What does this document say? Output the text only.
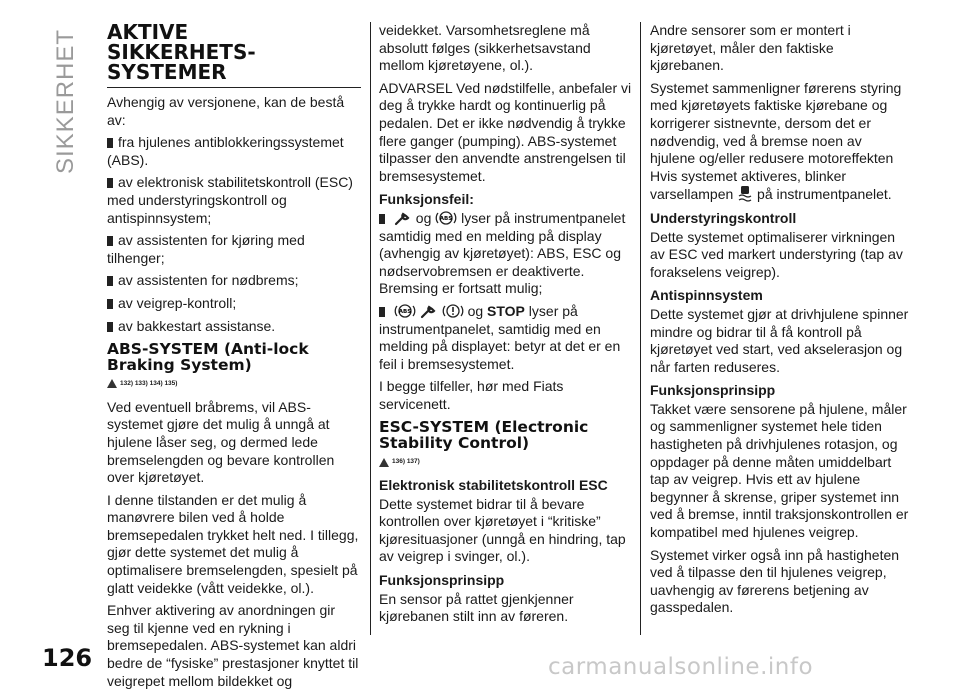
SIKKERHET AKTIVE
SIKKERHETS-
SYSTEMER

Avhengig av versjonene, kan de bestå av:

fra hjulenes antiblokkeringssystemet (ABS).

av elektronisk stabilitetskontroll (ESC) med understyringskontroll og antispinnsystem;

av assistenten for kjøring med tilhenger;

av assistenten for nødbrems;

av veigrep-kontroll;

av bakkestart assistanse.

ABS-SYSTEM (Anti-lock
Braking System)
132) 133) 134) 135)

Ved eventuell bråbrems, vil ABS-systemet gjøre det mulig å unngå at hjulene låser seg, og dermed lede bremselengden og bevare kontrollen over kjøretøyet.

I denne tilstanden er det mulig å manøvrere bilen ved å holde bremsepedalen trykket helt ned. I tillegg, gjør dette systemet det mulig å optimalisere bremselengden, spesielt på glatt veidekke (vått veidekke, ol.).

Enhver aktivering av anordningen gir seg til kjenne ved en rykning i bremsepedalen. ABS-systemet kan aldri bedre de “fysiske” prestasjoner knyttet til veigrepet mellom bildekket og

veidekket. Varsomhetsreglene må absolutt følges (sikkerhetsavstand mellom kjøretøyene, ol.).

ADVARSEL Ved nødstilfelle, anbefaler vi deg å trykke hardt og kontinuerlig på pedalen. Det er ikke nødvendig å trykke flere ganger (pumping). ABS-systemet tilpasser den anvendte anstrengelsen til bremsesystemet.

Funksjonsfeil:

og ABS lyser på instrumentpanelet samtidig med en melding på display (avhengig av kjøretøyet): ABS, ESC og nødservobremsen er deaktiverte. Bremsing er fortsatt mulig;

ABS	og STOP lyser på instrumentpanelet, samtidig med en melding på displayet: betyr at det er en feil i bremsesystemet.

I begge tilfeller, hør med Fiats servicenett.

ESC-SYSTEM (Electronic
Stability Control)
136) 137)
Elektronisk stabilitetskontroll ESC

Dette systemet bidrar til å bevare kontrollen over kjøretøyet i “kritiske” kjøresituasjoner (unngå en hindring, tap av veigrep i svinger, ol.).

Funksjonsprinsipp

En sensor på rattet gjenkjenner kjørebanen stilt inn av føreren.

Andre sensorer som er montert i kjøretøyet, måler den faktiske kjørebanen.

Systemet sammenligner førerens styring med kjøretøyets faktiske kjørebane og korrigerer sistnevnte, dersom det er nødvendig, ved å bremse noen av hjulene og/eller redusere motoreffekten Hvis systemet aktiveres, blinker varsellampen på instrumentpanelet.

Understyringskontroll

Dette systemet optimaliserer virkningen av ESC ved markert understyring (tap av forakselens veigrep).

Antispinnsystem

Dette systemet gjør at drivhjulene spinner mindre og bidrar til å få kontroll på kjøretøyet ved start, ved akselerasjon og når farten reduseres.

Funksjonsprinsipp

Takket være sensorene på hjulene, måler og sammenligner systemet hele tiden hastigheten på drivhjulenes rotasjon, og oppdager på denne måten umiddelbart tap av veigrep. Hvis ett av hjulene begynner å skrense, griper systemet inn ved å bremse, inntil traksjonskontrollen er kompatibel med hjulenes veigrep.

Systemet virker også inn på hastigheten ved å tilpasse den til hjulenes veigrep, uavhengig av førerens betjening av gasspedalen.

126	carmanualsonline.info
